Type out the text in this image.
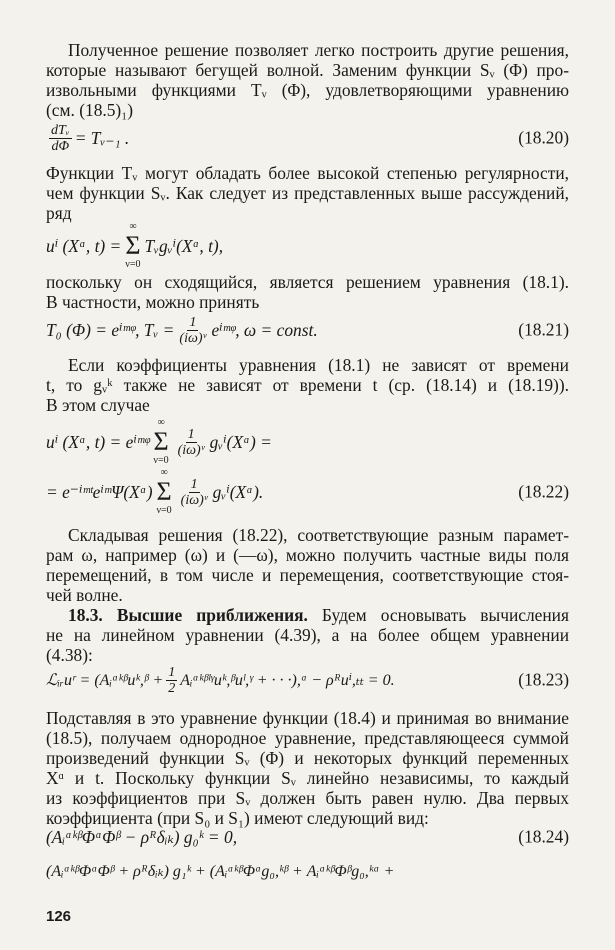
Полученное решение позволяет легко построить другие решения,
которые называют бегущей волной. Заменим функции Sᵥ (Φ) про-
извольными функциями Tᵥ (Φ), удовлетворяющими уравнению
(см. (18.5)₁)
$\frac{\text{dTᵥ}}{d\Phi}$ = Tᵥ₋₁ .	(18.20)
Функции Tᵥ могут обладать более высокой степенью регулярности,
чем функции Sᵥ. Как следует из представленных выше рассуждений,
ряд
uⁱ (Xᵅ, t) =
∞
Σ
ν=0
Tᵥgᵥⁱ(Xᵅ, t),
поскольку он сходящийся, является решением уравнения (18.1).
В частности, можно принять
T₀ (Φ) = eⁱᵐᵠ, Tᵥ = $\frac{1}{\text{(iω)ᵛ}}$ eⁱᵐᵠ, ω = const.	(18.21)
Если коэффициенты уравнения (18.1) не зависят от времени
t, то gᵥᵏ также не зависят от времени t (ср. (18.14) и (18.19)).
В этом случае
uⁱ (Xᵅ, t) = eⁱᵐᵠ
∞
Σ
ν=0
$\frac{1}{\text{(iω)ᵛ}}$ gᵥⁱ(Xᵅ) =
= e⁻ⁱᵐᵗeⁱᵐΨ(Xᵅ)
∞
Σ
ν=0
$\frac{1}{\text{(iω)ᵛ}}$ gᵥⁱ(Xᵅ).	(18.22)
Складывая решения (18.22), соответствующие разным парамет-
рам ω, например (ω) и (—ω), можно получить частные виды поля
перемещений, в том числе и перемещения, соответствующие стоя-
чей волне.
18.3. Высшие приближения. Будем основывать вычисления
не на линейном уравнении (4.39), а на более общем уравнении
(4.38):
ℒᵢᵣuʳ = (Aᵢᵅᵏᵝuᵏ,ᵝ + $\frac{1}{2}$ Aᵢᵅᵏᵝˡᵞuᵏ,ᵝuˡ,ᵞ + · · ·),ᵅ − ρᴿuⁱ,ₜₜ = 0.	(18.23)
Подставляя в это уравнение функции (18.4) и принимая во внимание
(18.5), получаем однородное уравнение, представляющееся суммой
произведений функции Sᵥ (Φ) и некоторых функций переменных
Xᵅ и t. Поскольку функции Sᵥ линейно независимы, то каждый
из коэффициентов при Sᵥ должен быть равен нулю. Два первых
коэффициента (при S₀ и S₁) имеют следующий вид:
(AᵢᵅᵏᵝΦᵅΦᵝ − ρᴿδᵢₖ) g₀ᵏ = 0,	(18.24)
(AᵢᵅᵏᵝΦᵅΦᵝ + ρᴿδᵢₖ) g₁ᵏ + (AᵢᵅᵏᵝΦᵅg₀,ᵏᵝ + AᵢᵅᵏᵝΦᵝg₀,ᵏᵅ +
126
